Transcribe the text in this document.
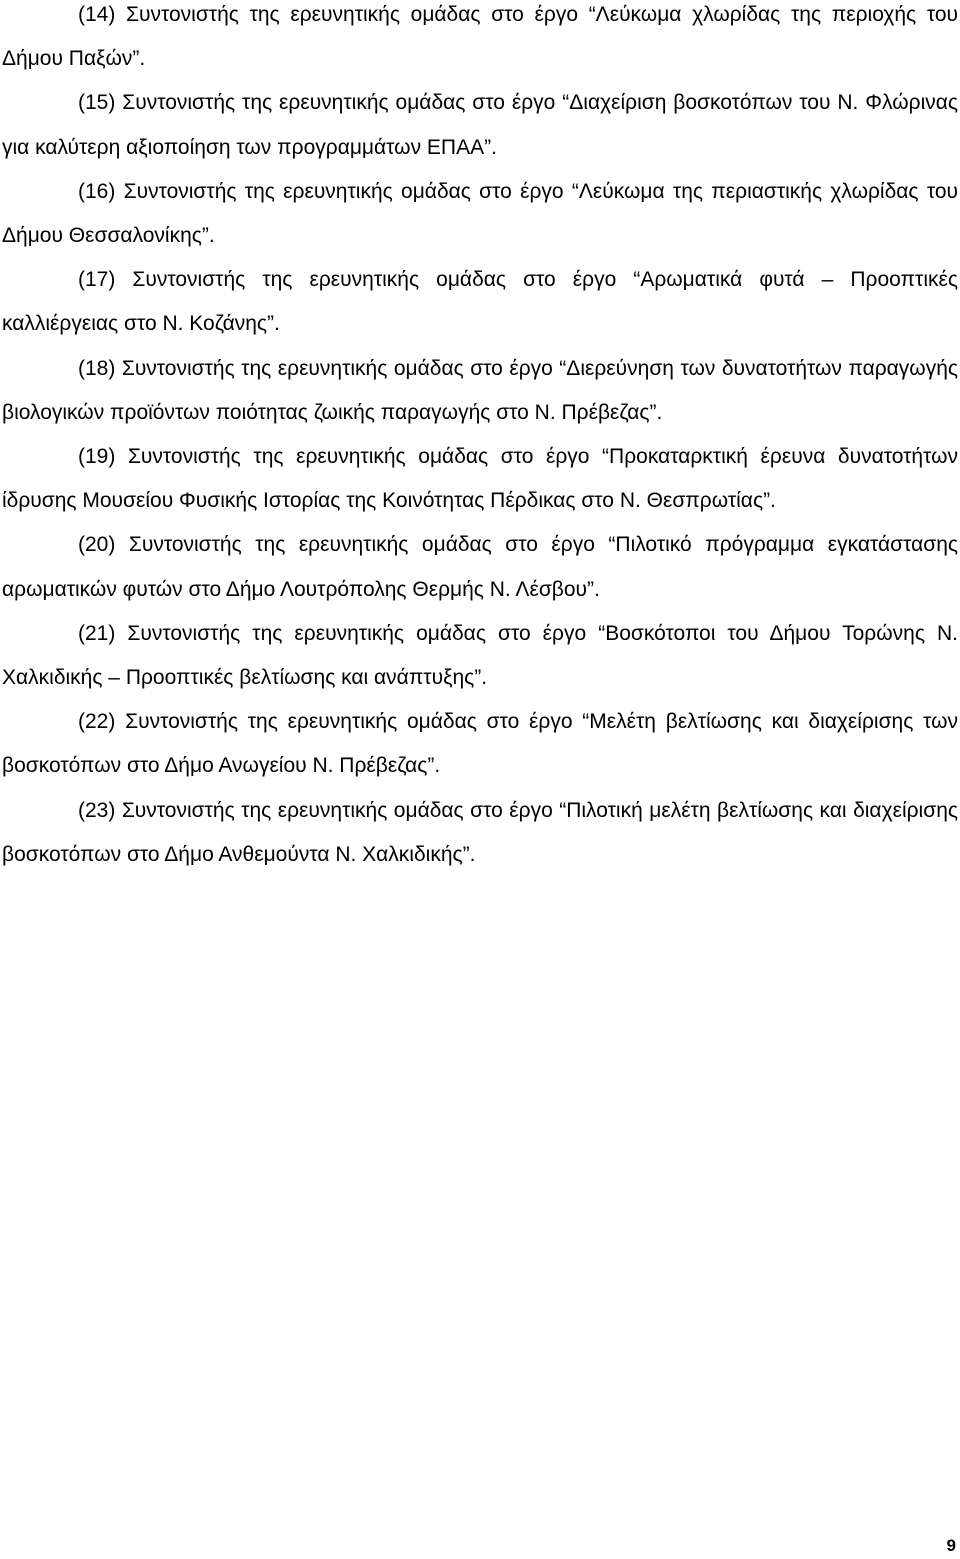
(14) Συντονιστής της ερευνητικής ομάδας στο έργο “Λεύκωμα χλωρίδας της περιοχής του Δήμου Παξών”.

(15) Συντονιστής της ερευνητικής ομάδας στο έργο “Διαχείριση βοσκοτόπων του Ν. Φλώρινας για καλύτερη αξιοποίηση των προγραμμάτων ΕΠΑΑ”.

(16) Συντονιστής της ερευνητικής ομάδας στο έργο “Λεύκωμα της περιαστικής χλωρίδας του Δήμου Θεσσαλονίκης”.

(17) Συντονιστής της ερευνητικής ομάδας στο έργο “Αρωματικά φυτά – Προοπτικές καλλιέργειας στο Ν. Κοζάνης”.

(18) Συντονιστής της ερευνητικής ομάδας στο έργο “Διερεύνηση των δυνατοτήτων παραγωγής βιολογικών προϊόντων ποιότητας ζωικής παραγωγής στο Ν. Πρέβεζας”.

(19) Συντονιστής της ερευνητικής ομάδας στο έργο “Προκαταρκτική έρευνα δυνατοτήτων ίδρυσης Μουσείου Φυσικής Ιστορίας της Κοινότητας Πέρδικας στο Ν. Θεσπρωτίας”.

(20) Συντονιστής της ερευνητικής ομάδας στο έργο “Πιλοτικό πρόγραμμα εγκατάστασης αρωματικών φυτών στο Δήμο Λουτρόπολης Θερμής Ν. Λέσβου”.

(21) Συντονιστής της ερευνητικής ομάδας στο έργο “Βοσκότοποι του Δήμου Τορώνης Ν. Χαλκιδικής – Προοπτικές βελτίωσης και ανάπτυξης”.

(22) Συντονιστής της ερευνητικής ομάδας στο έργο “Μελέτη βελτίωσης και διαχείρισης των βοσκοτόπων στο Δήμο Ανωγείου Ν. Πρέβεζας”.

(23) Συντονιστής της ερευνητικής ομάδας στο έργο “Πιλοτική μελέτη βελτίωσης και διαχείρισης βοσκοτόπων στο Δήμο Ανθεμούντα Ν. Χαλκιδικής”.

9
